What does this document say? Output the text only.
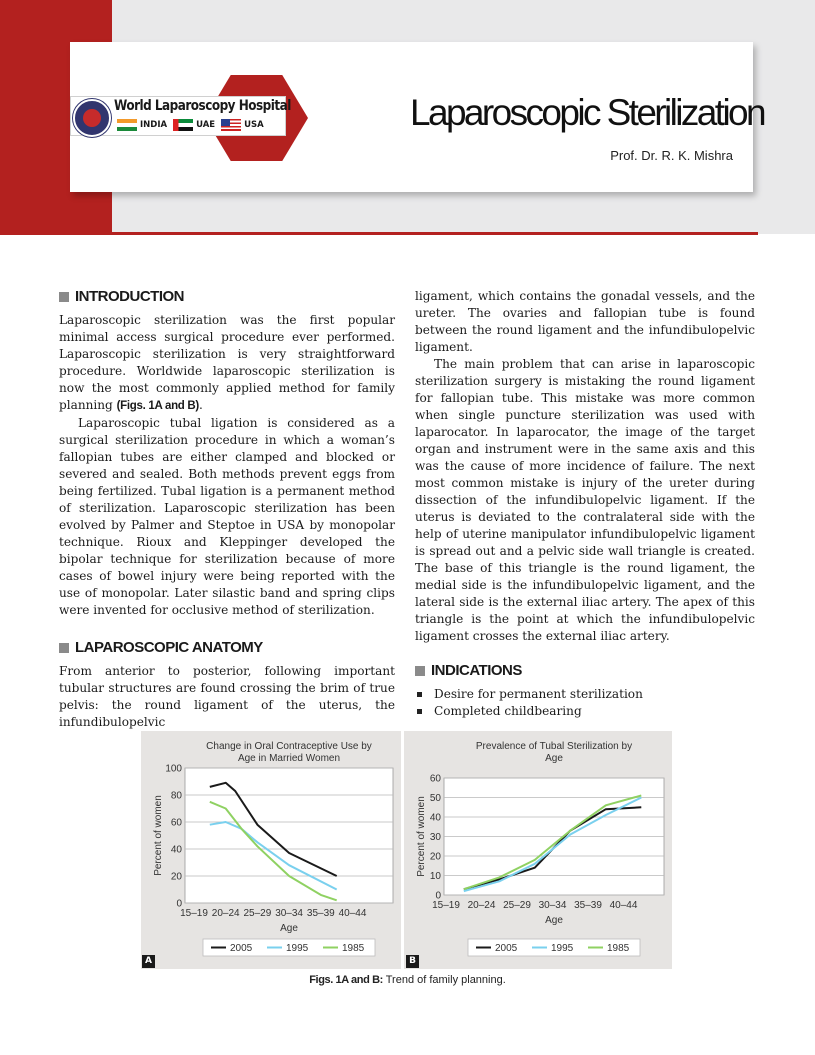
World Laparoscopy Hospital
INDIA	UAE	USA	Laparoscopic Sterilization
Prof. Dr. R. K. Mishra
INTRODUCTION

Laparoscopic sterilization was the first popular minimal access surgical procedure ever performed. Laparoscopic sterilization is very straightforward procedure. Worldwide laparoscopic sterilization is now the most commonly applied method for family planning (Figs. 1A and B).

Laparoscopic tubal ligation is considered as a surgical sterilization procedure in which a woman’s fallopian tubes are either clamped and blocked or severed and sealed. Both methods prevent eggs from being fertilized. Tubal ligation is a permanent method of sterilization. Laparoscopic sterilization has been evolved by Palmer and Steptoe in USA by monopolar technique. Rioux and Kleppinger developed the bipolar technique for sterilization because of more cases of bowel injury were being reported with the use of monopolar. Later silastic band and spring clips were invented for occlusive method of sterilization.

LAPAROSCOPIC ANATOMY

From anterior to posterior, following important tubular structures are found crossing the brim of true pelvis: the round ligament of the uterus, the infundibulopelvic

ligament, which contains the gonadal vessels, and the ureter. The ovaries and fallopian tube is found between the round ligament and the infundibulopelvic ligament.

The main problem that can arise in laparoscopic sterilization surgery is mistaking the round ligament for fallopian tube. This mistake was more common when single puncture sterilization was used with laparocator. In laparocator, the image of the target organ and instrument were in the same axis and this was the cause of more incidence of failure. The next most common mistake is injury of the ureter during dissection of the infundibulopelvic ligament. If the uterus is deviated to the contralateral side with the help of uterine manipulator infundibulopelvic ligament is spread out and a pelvic side wall triangle is created. The base of this triangle is the round ligament, the medial side is the infundibulopelvic ligament, and the lateral side is the external iliac artery. The apex of this triangle is the point at which the infundibulopelvic ligament crosses the external iliac artery.

INDICATIONS
Desire for permanent sterilization
Completed childbearing
Change in Oral Contraceptive Use by
Age in Married Women
0
20
40
60
80
100
15–19 20–24 25–29 30–34 35–39 40–44
Age
Percent of women
2005	1995	1985
A
Prevalence of Tubal Sterilization by
Age
0
10
20
30
40
50
60
15–19 20–24 25–29 30–34 35–39 40–44
Age
Percent of women
2005	1995	1985
B
Figs. 1A and B: Trend of family planning.
